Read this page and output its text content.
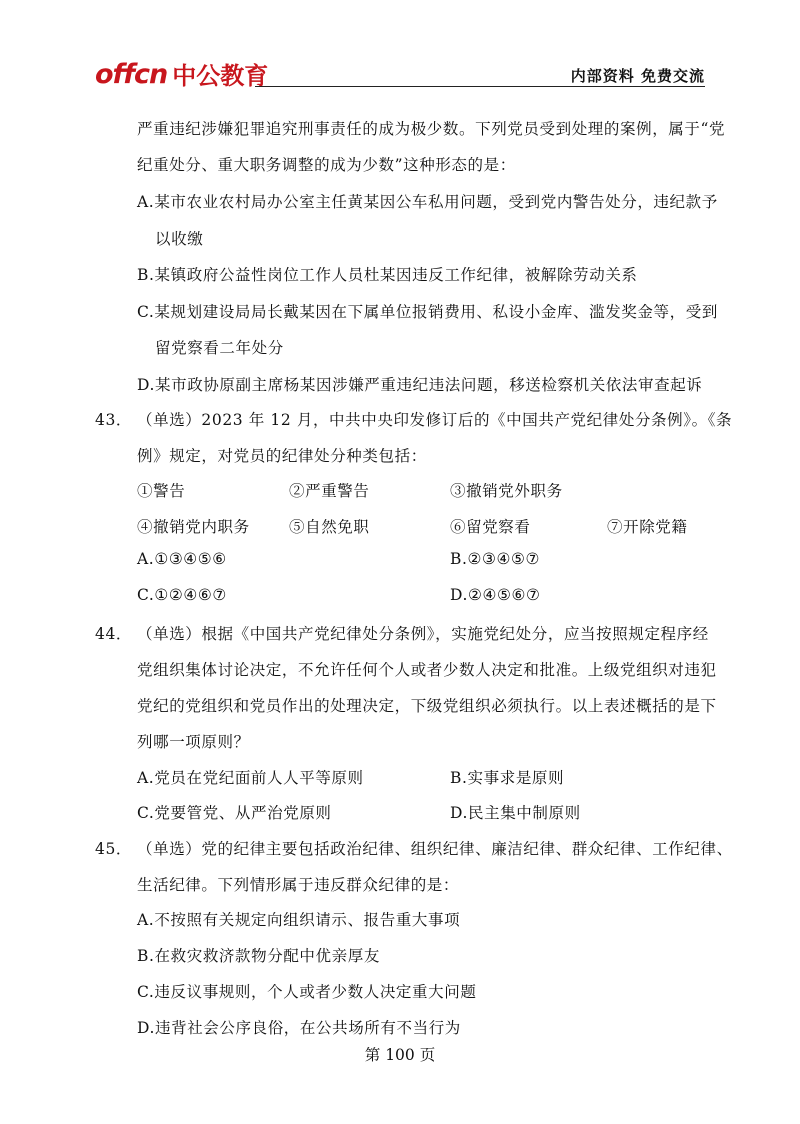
offcn 中公教育	内部资料 免费交流
严重违纪涉嫌犯罪追究刑事责任的成为极少数。下列党员受到处理的案例，属于“党
纪重处分、重大职务调整的成为少数”这种形态的是：
A.某市农业农村局办公室主任黄某因公车私用问题，受到党内警告处分，违纪款予
以收缴
B.某镇政府公益性岗位工作人员杜某因违反工作纪律，被解除劳动关系
C.某规划建设局局长戴某因在下属单位报销费用、私设小金库、滥发奖金等，受到
留党察看二年处分
D.某市政协原副主席杨某因涉嫌严重违纪违法问题，移送检察机关依法审查起诉
43． （单选）2023 年 12 月，中共中央印发修订后的《中国共产党纪律处分条例》。《条
例》规定，对党员的纪律处分种类包括：
①警告	②严重警告	③撤销党外职务
④撤销党内职务	⑤自然免职	⑥留党察看	⑦开除党籍
A.①③④⑤⑥	B.②③④⑤⑦
C.①②④⑥⑦	D.②④⑤⑥⑦
44． （单选）根据《中国共产党纪律处分条例》，实施党纪处分，应当按照规定程序经
党组织集体讨论决定，不允许任何个人或者少数人决定和批准。上级党组织对违犯
党纪的党组织和党员作出的处理决定，下级党组织必须执行。以上表述概括的是下
列哪一项原则？
A.党员在党纪面前人人平等原则	B.实事求是原则
C.党要管党、从严治党原则	D.民主集中制原则
45． （单选）党的纪律主要包括政治纪律、组织纪律、廉洁纪律、群众纪律、工作纪律、
生活纪律。下列情形属于违反群众纪律的是：
A.不按照有关规定向组织请示、报告重大事项
B.在救灾救济款物分配中优亲厚友
C.违反议事规则，个人或者少数人决定重大问题
D.违背社会公序良俗，在公共场所有不当行为
第 100 页
